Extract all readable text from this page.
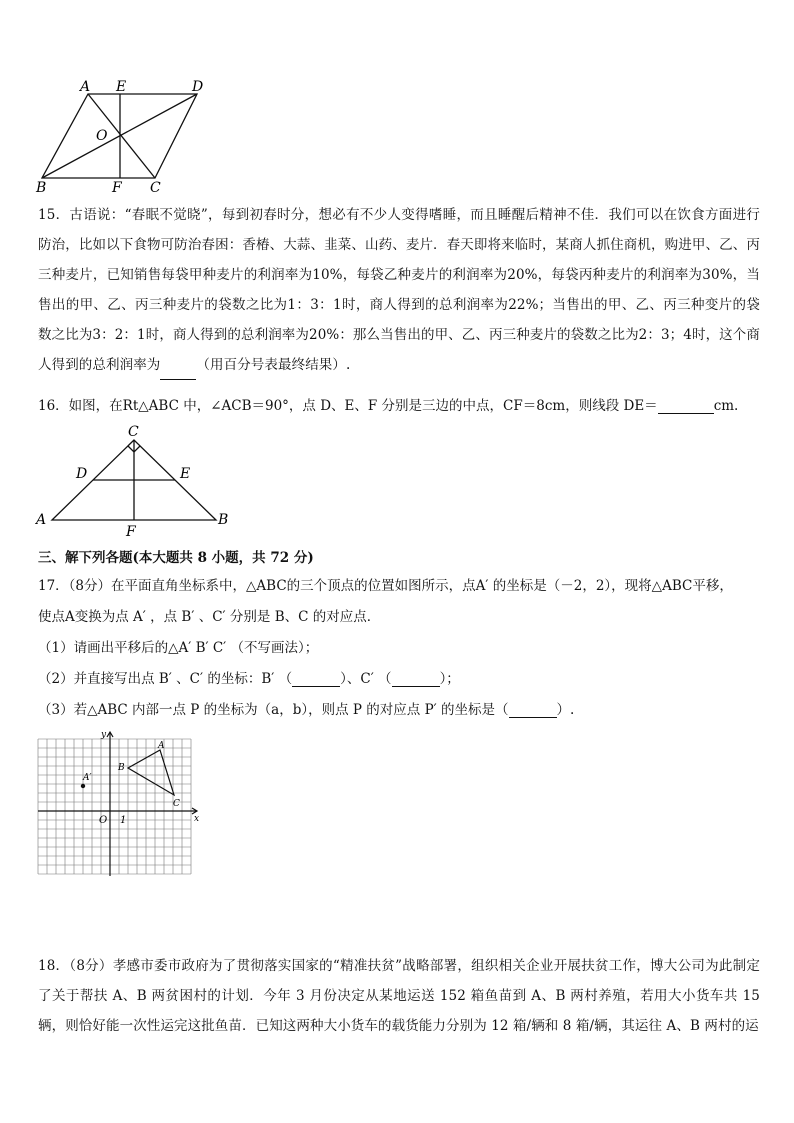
A E	D
O
B	F C
15．古语说：“春眠不觉晓”，每到初春时分，想必有不少人变得嗜睡，而且睡醒后精神不佳．我们可以在饮食方面进行防治，比如以下食物可防治春困：香椿、大蒜、韭菜、山药、麦片．春天即将来临时，某商人抓住商机，购进甲、乙、丙三种麦片，已知销售每袋甲种麦片的利润率为10%，每袋乙种麦片的利润率为20%，每袋丙种麦片的利润率为30%，当售出的甲、乙、丙三种麦片的袋数之比为1：3：1时，商人得到的总利润率为22%；当售出的甲、乙、丙三种变片的袋数之比为3：2：1时，商人得到的总利润率为20%：那么当售出的甲、乙、丙三种麦片的袋数之比为2：3；4时，这个商人得到的总利润率为	（用百分号表最终结果）.
16．如图，在Rt△ABC 中，∠ACB＝90°，点 D、E、F 分别是三边的中点，CF＝8cm，则线段 DE＝	cm.
C
D	E
A
F
B
三、解下列各题(本大题共 8 小题，共 72 分)
17．（8分）在平面直角坐标系中，△ABC的三个顶点的位置如图所示，点A′ 的坐标是（－2，2），现将△ABC平移，
使点A变换为点 A′ ，点 B′ 、C′ 分别是 B、C 的对应点．
（1）请画出平移后的△A′ B′ C′ （不写画法）；
（2）并直接写出点 B′ 、C′ 的坐标：B′ （	）、C′ （	）；
（3）若△ABC 内部一点 P 的坐标为（a，b），则点 P 的对应点 P′ 的坐标是（	）.
y
x
O 1
A
B
C
A′
18．（8分）孝感市委市政府为了贯彻落实国家的“精准扶贫”战略部署，组织相关企业开展扶贫工作，博大公司为此制定了关于帮扶 A、B 两贫困村的计划．今年 3 月份决定从某地运送 152 箱鱼苗到 A、B 两村养殖，若用大小货车共 15 辆，则恰好能一次性运完这批鱼苗．已知这两种大小货车的载货能力分别为 12 箱/辆和 8 箱/辆，其运往 A、B 两村的运
